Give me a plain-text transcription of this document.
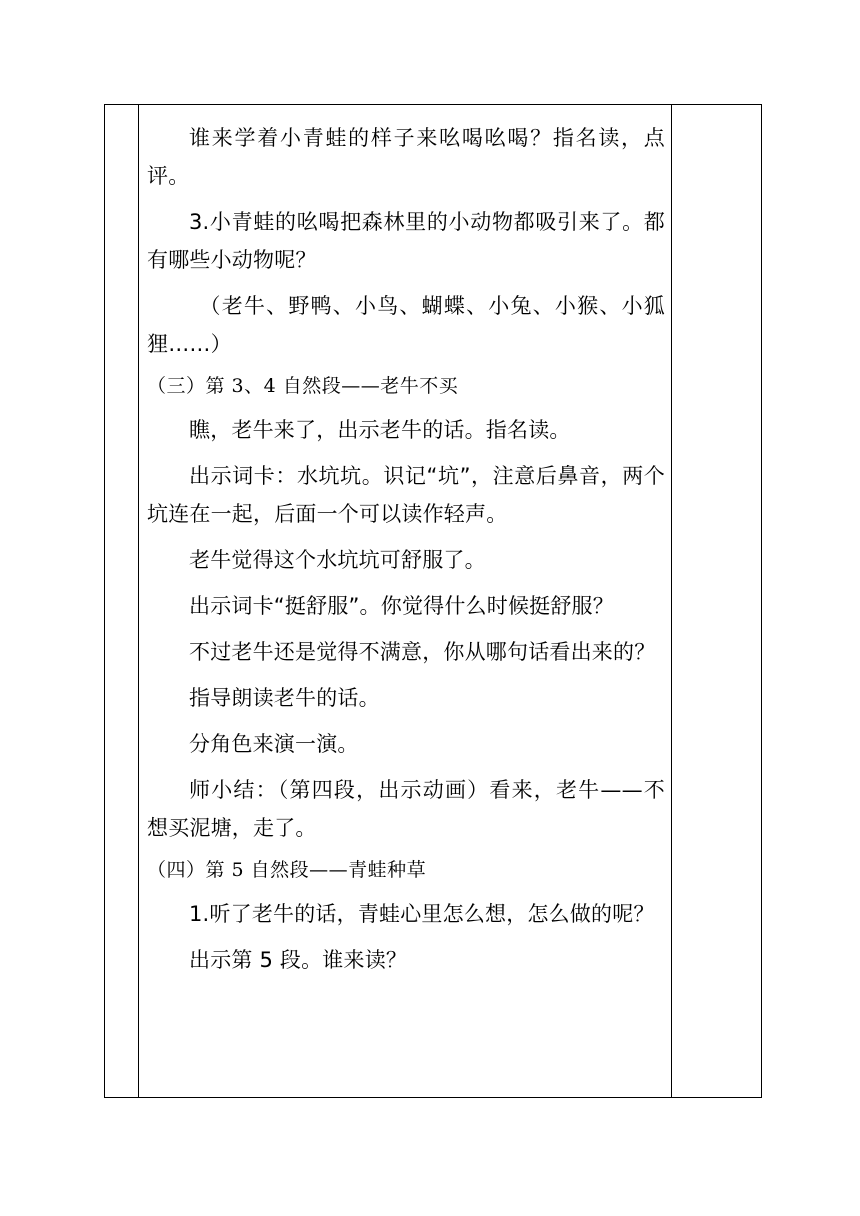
谁来学着小青蛙的样子来吆喝吆喝？指名读，点评。

3.小青蛙的吆喝把森林里的小动物都吸引来了。都有哪些小动物呢？

（老牛、野鸭、小鸟、蝴蝶、小兔、小猴、小狐狸……）

（三）第 3、4 自然段——老牛不买

瞧，老牛来了，出示老牛的话。指名读。

出示词卡：水坑坑。识记“坑”，注意后鼻音，两个坑连在一起，后面一个可以读作轻声。

老牛觉得这个水坑坑可舒服了。

出示词卡“挺舒服”。你觉得什么时候挺舒服？

不过老牛还是觉得不满意，你从哪句话看出来的？

指导朗读老牛的话。

分角色来演一演。

师小结：（第四段，出示动画）看来，老牛——不想买泥塘，走了。

（四）第 5 自然段——青蛙种草

1.听了老牛的话，青蛙心里怎么想，怎么做的呢？

出示第 5 段。谁来读？
